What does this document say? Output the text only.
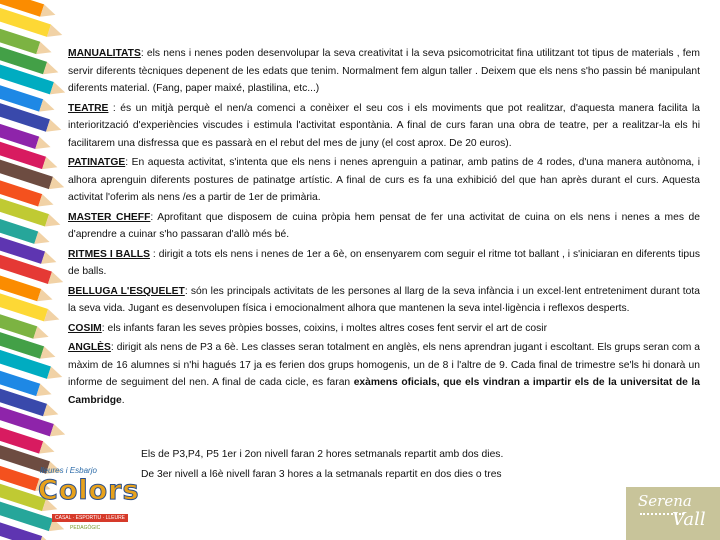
MANUALITATS: els nens i nenes poden desenvolupar la seva creativitat i la seva psicomotricitat fina utilitzant tot tipus de materials , fem servir diferents tècniques depenent de les edats que tenim. Normalment fem algun taller . Deixem que els nens s'ho passin bé manipulant diferents material. (Fang, paper maixé, plastilina, etc...)

TEATRE : és un mitjà perquè el nen/a comenci a conèixer el seu cos i els moviments que pot realitzar, d'aquesta manera facilita la interiorització d'experiències viscudes i estimula l'activitat espontània. A final de curs faran una obra de teatre, per a realitzar-la els hi facilitarem una disfressa que es passarà en el rebut del mes de juny (el cost aprox. De 20 euros).

PATINATGE: En aquesta activitat, s'intenta que els nens i nenes aprenguin a patinar, amb patins de 4 rodes, d'una manera autònoma, i alhora aprenguin diferents postures de patinatge artístic. A final de curs es fa una exhibició del que han après durant el curs. Aquesta activitat l'oferim als nens /es a partir de 1er de primària.

MASTER CHEFF: Aprofitant que disposem de cuina pròpia hem pensat de fer una activitat de cuina on els nens i nenes a mes de d'aprendre a cuinar s'ho passaran d'allò més bé.

RITMES I BALLS : dirigit a tots els nens i nenes de 1er a 6è, on ensenyarem com seguir el ritme tot ballant , i s'iniciaran en diferents tipus de balls.

BELLUGA L'ESQUELET: són les principals activitats de les persones al llarg de la seva infància i un excel·lent entreteniment durant tota la seva vida. Jugant es desenvolupen física i emocionalment alhora que mantenen la seva intel·ligència i reflexos desperts.

COSIM: els infants faran les seves pròpies bosses, coixins, i moltes altres coses fent servir el art de cosir

ANGLÈS: dirigit als nens de P3 a 6è. Les classes seran totalment en anglès, els nens aprendran jugant i escoltant. Els grups seran com a màxim de 16 alumnes si n'hi hagués 17 ja es ferien dos grups homogenis, un de 8 i l'altre de 9. Cada final de trimestre se'ls hi donarà un informe de seguiment del nen. A final de cada cicle, es faran exàmens oficials, que els vindran a impartir els de la universitat de la Cambridge.

Els de P3,P4, P5 1er i 2on nivell faran 2 hores setmanals repartit amb dos dies.
De 3er nivell a l6è nivell faran 3 hores a la setmanals repartit en dos dies o tres
lleures i Esbarjo
Colors
CASAL · ESPORTIU · LLEURE
PEDAGÒGIC
Serena
Vall
